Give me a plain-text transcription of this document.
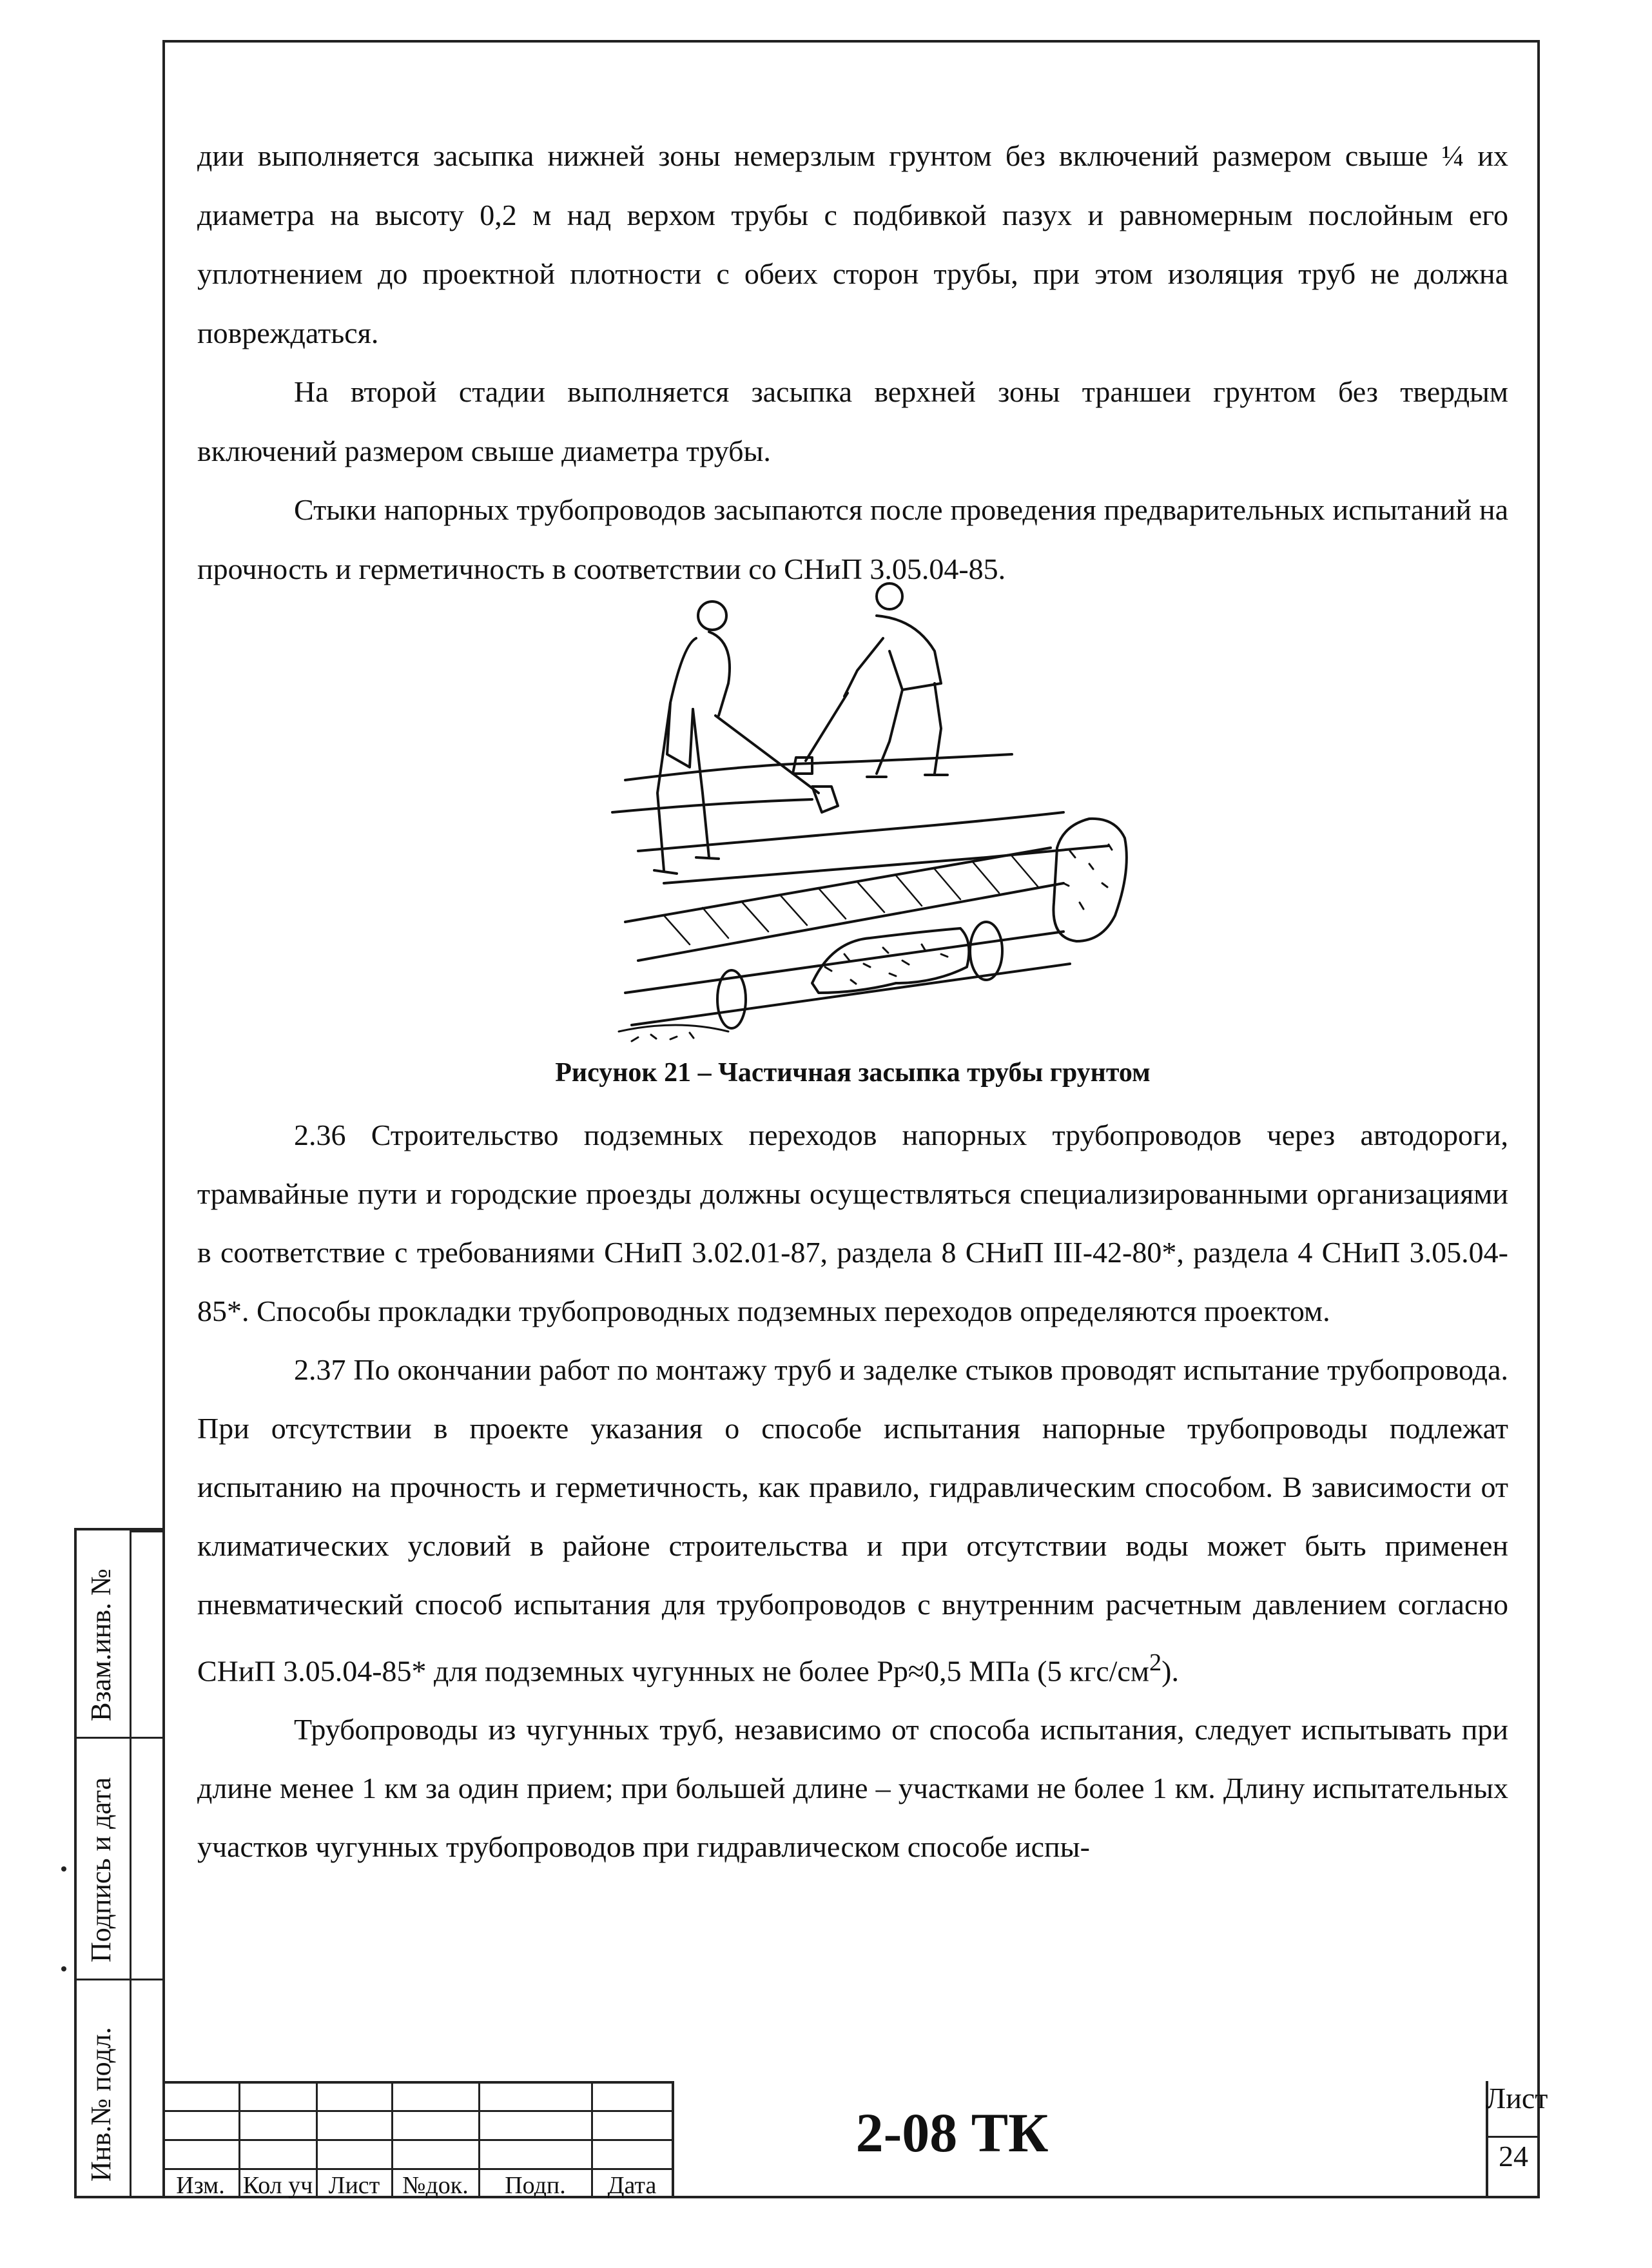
Взам.инв. №
Подпись и дата
Инв.№ подл.

дии выполняется засыпка нижней зоны немерзлым грунтом без включений размером свыше ¼ их диаметра на высоту 0,2 м над верхом трубы с подбивкой пазух и равномерным послойным его уплотнением до проектной плотности с обеих сторон трубы, при этом изоляция труб не должна повреждаться.

На второй стадии выполняется засыпка верхней зоны траншеи грунтом без твердым включений размером свыше диаметра трубы.

Стыки напорных трубопроводов засыпаются после проведения предварительных испытаний на прочность и герметичность в соответствии со СНиП 3.05.04-85.

Рисунок 21 – Частичная засыпка трубы грунтом

2.36 Строительство подземных переходов напорных трубопроводов через автодороги, трамвайные пути и городские проезды должны осуществляться специализированными организациями в соответствие с требованиями СНиП 3.02.01-87, раздела 8 СНиП III-42-80*, раздела 4 СНиП 3.05.04-85*. Способы прокладки трубопроводных подземных переходов определяются проектом.

2.37 По окончании работ по монтажу труб и заделке стыков проводят испытание трубопровода. При отсутствии в проекте указания о способе испытания напорные трубопроводы подлежат испытанию на прочность и герметичность, как правило, гидравлическим способом. В зависимости от климатических условий в районе строительства и при отсутствии воды может быть применен пневматический способ испытания для трубопроводов с внутренним расчетным давлением согласно СНиП 3.05.04-85* для подземных чугунных не более Рр≈0,5 МПа (5 кгс/$см^2$).

Трубопроводы из чугунных труб, независимо от способа испытания, следует испытывать при длине менее 1 км за один прием; при большей длине – участками не более 1 км. Длину испытательных участков чугунных трубопроводов при гидравлическом способе испы-

Изм. Кол уч Лист №док.	Подп.	Дата
2-08 ТК
Лист
24
